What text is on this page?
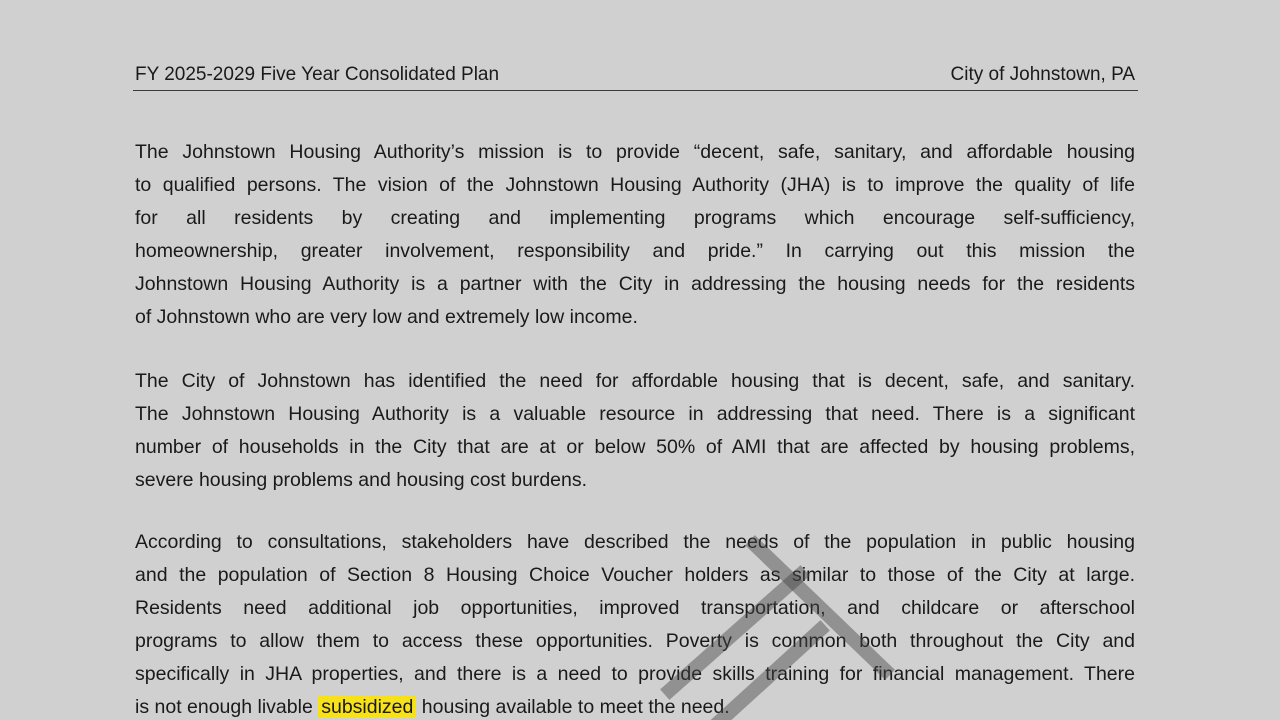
FY 2025-2029 Five Year Consolidated Plan	City of Johnstown, PA
The Johnstown Housing Authority’s mission is to provide “decent, safe, sanitary, and affordable housing
to qualified persons. The vision of the Johnstown Housing Authority (JHA) is to improve the quality of life
for all residents by creating and implementing programs which encourage self-sufficiency,
homeownership, greater involvement, responsibility and pride.” In carrying out this mission the
Johnstown Housing Authority is a partner with the City in addressing the housing needs for the residents
of Johnstown who are very low and extremely low income.
The City of Johnstown has identified the need for affordable housing that is decent, safe, and sanitary.
The Johnstown Housing Authority is a valuable resource in addressing that need. There is a significant
number of households in the City that are at or below 50% of AMI that are affected by housing problems,
severe housing problems and housing cost burdens.
According to consultations, stakeholders have described the needs of the population in public housing
and the population of Section 8 Housing Choice Voucher holders as similar to those of the City at large.
Residents need additional job opportunities, improved transportation, and childcare or afterschool
programs to allow them to access these opportunities. Poverty is common both throughout the City and
specifically in JHA properties, and there is a need to provide skills training for financial management. There
is not enough livable subsidized housing available to meet the need.
